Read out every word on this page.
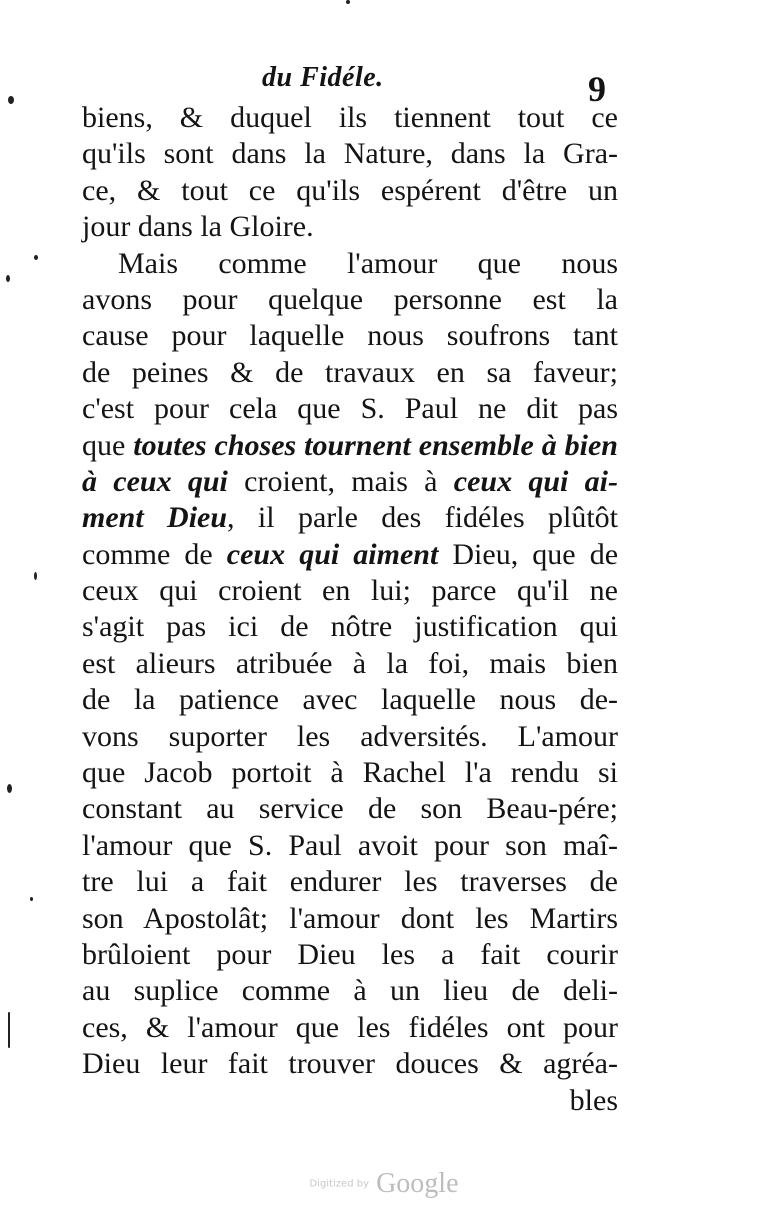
du Fidéle.	9
biens, & duquel ils tiennent tout ce
qu'ils sont dans la Nature, dans la Gra-
ce, & tout ce qu'ils espérent d'être un
jour dans la Gloire.
Mais comme l'amour que nous
avons pour quelque personne est la
cause pour laquelle nous soufrons tant
de peines & de travaux en sa faveur;
c'est pour cela que S. Paul ne dit pas
que toutes choses tournent ensemble à bien
à ceux qui croient, mais à ceux qui ai-
ment Dieu, il parle des fidéles plûtôt
comme de ceux qui aiment Dieu, que de
ceux qui croient en lui; parce qu'il ne
s'agit pas ici de nôtre justification qui
est alieurs atribuée à la foi, mais bien
de la patience avec laquelle nous de-
vons suporter les adversités. L'amour
que Jacob portoit à Rachel l'a rendu si
constant au service de son Beau-pére;
l'amour que S. Paul avoit pour son maî-
tre lui a fait endurer les traverses de
son Apostolât; l'amour dont les Martirs
brûloient pour Dieu les a fait courir
au suplice comme à un lieu de deli-
ces, & l'amour que les fidéles ont pour
Dieu leur fait trouver douces & agréa-
bles
Digitized by Google
